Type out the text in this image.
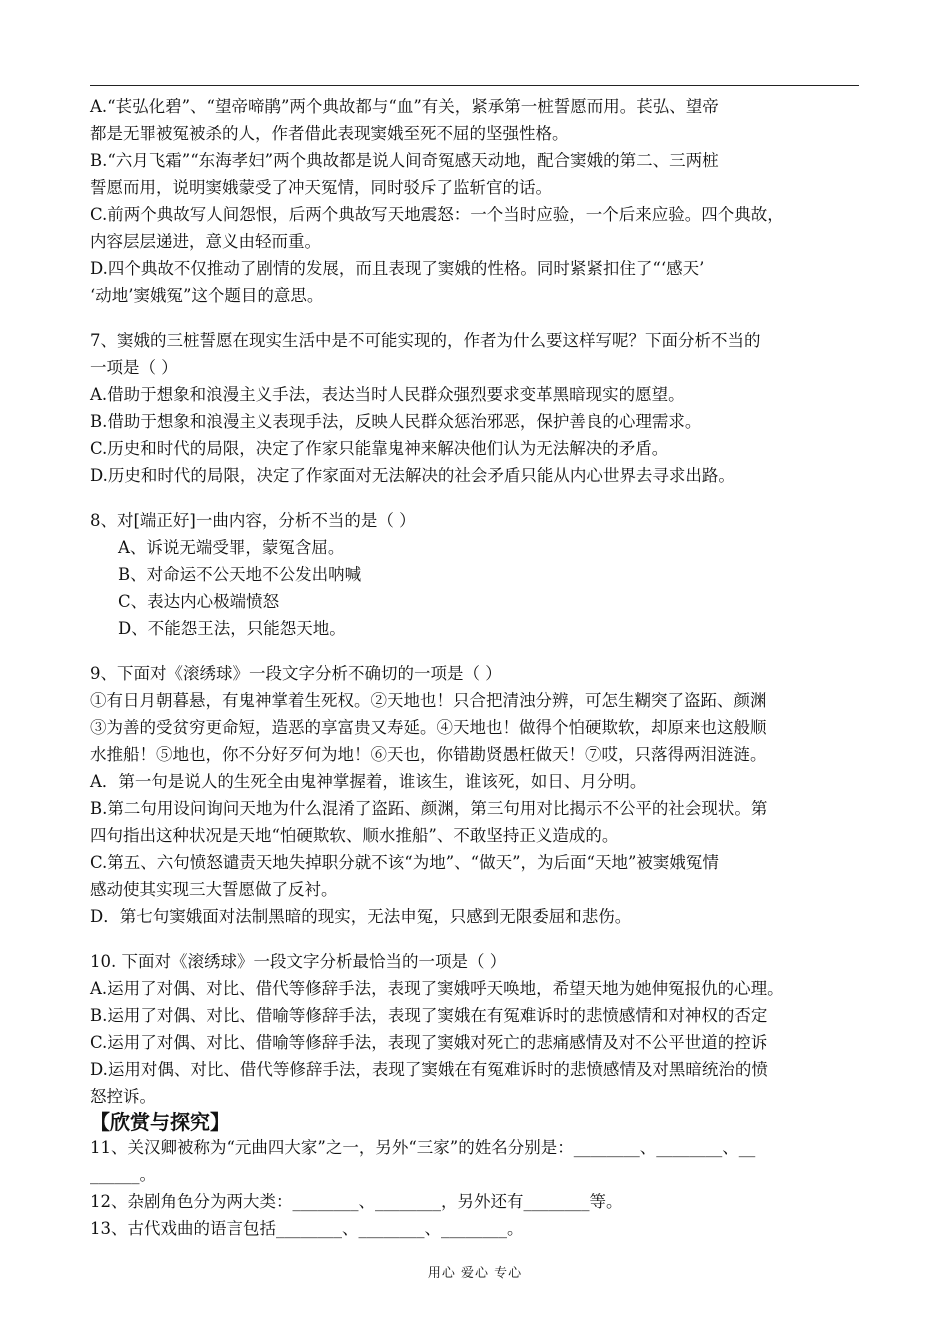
A.“苌弘化碧”、“望帝啼鹃”两个典故都与“血”有关，紧承第一桩誓愿而用。苌弘、望帝
都是无罪被冤被杀的人，作者借此表现窦娥至死不屈的坚强性格。
B.“六月飞霜”“东海孝妇”两个典故都是说人间奇冤感天动地，配合窦娥的第二、三两桩
誓愿而用，说明窦娥蒙受了冲天冤情，同时驳斥了监斩官的话。
C.前两个典故写人间怨恨，后两个典故写天地震怒：一个当时应验，一个后来应验。四个典故，
内容层层递进，意义由轻而重。
D.四个典故不仅推动了剧情的发展，而且表现了窦娥的性格。同时紧紧扣住了“‘感天’
‘动地’窦娥冤”这个题目的意思。
7、窦娥的三桩誓愿在现实生活中是不可能实现的，作者为什么要这样写呢？下面分析不当的
一项是（ ）
A.借助于想象和浪漫主义手法，表达当时人民群众强烈要求变革黑暗现实的愿望。
B.借助于想象和浪漫主义表现手法，反映人民群众惩治邪恶，保护善良的心理需求。
C.历史和时代的局限，决定了作家只能靠鬼神来解决他们认为无法解决的矛盾。
D.历史和时代的局限，决定了作家面对无法解决的社会矛盾只能从内心世界去寻求出路。
8、对[端正好]一曲内容，分析不当的是（ ）
A、诉说无端受罪，蒙冤含屈。
B、对命运不公天地不公发出呐喊
C、表达内心极端愤怒
D、不能怨王法，只能怨天地。
9、下面对《滚绣球》一段文字分析不确切的一项是（ ）
①有日月朝暮悬，有鬼神掌着生死权。②天地也！只合把清浊分辨，可怎生糊突了盗跖、颜渊
③为善的受贫穷更命短，造恶的享富贵又寿延。④天地也！做得个怕硬欺软，却原来也这般顺
水推船！⑤地也，你不分好歹何为地！⑥天也，你错勘贤愚枉做天！⑦哎，只落得两泪涟涟。
A．第一句是说人的生死全由鬼神掌握着，谁该生，谁该死，如日、月分明。
B.第二句用设问询问天地为什么混淆了盗跖、颜渊，第三句用对比揭示不公平的社会现状。第
四句指出这种状况是天地“怕硬欺软、顺水推船”、不敢坚持正义造成的。
C.第五、六句愤怒谴责天地失掉职分就不该“为地”、“做天”，为后面“天地”被窦娥冤情
感动使其实现三大誓愿做了反衬。
D．第七句窦娥面对法制黑暗的现实，无法申冤，只感到无限委屈和悲伤。
10. 下面对《滚绣球》一段文字分析最恰当的一项是（ ）
A.运用了对偶、对比、借代等修辞手法，表现了窦娥呼天唤地，希望天地为她伸冤报仇的心理。
B.运用了对偶、对比、借喻等修辞手法，表现了窦娥在有冤难诉时的悲愤感情和对神权的否定
C.运用了对偶、对比、借喻等修辞手法，表现了窦娥对死亡的悲痛感情及对不公平世道的控诉
D.运用对偶、对比、借代等修辞手法，表现了窦娥在有冤难诉时的悲愤感情及对黑暗统治的愤
怒控诉。
【欣赏与探究】
11、关汉卿被称为“元曲四大家”之一，另外“三家”的姓名分别是：________、________、__
______。
12、杂剧角色分为两大类：________、________，另外还有________等。
13、古代戏曲的语言包括________、________、________。
用心 爱心 专心
